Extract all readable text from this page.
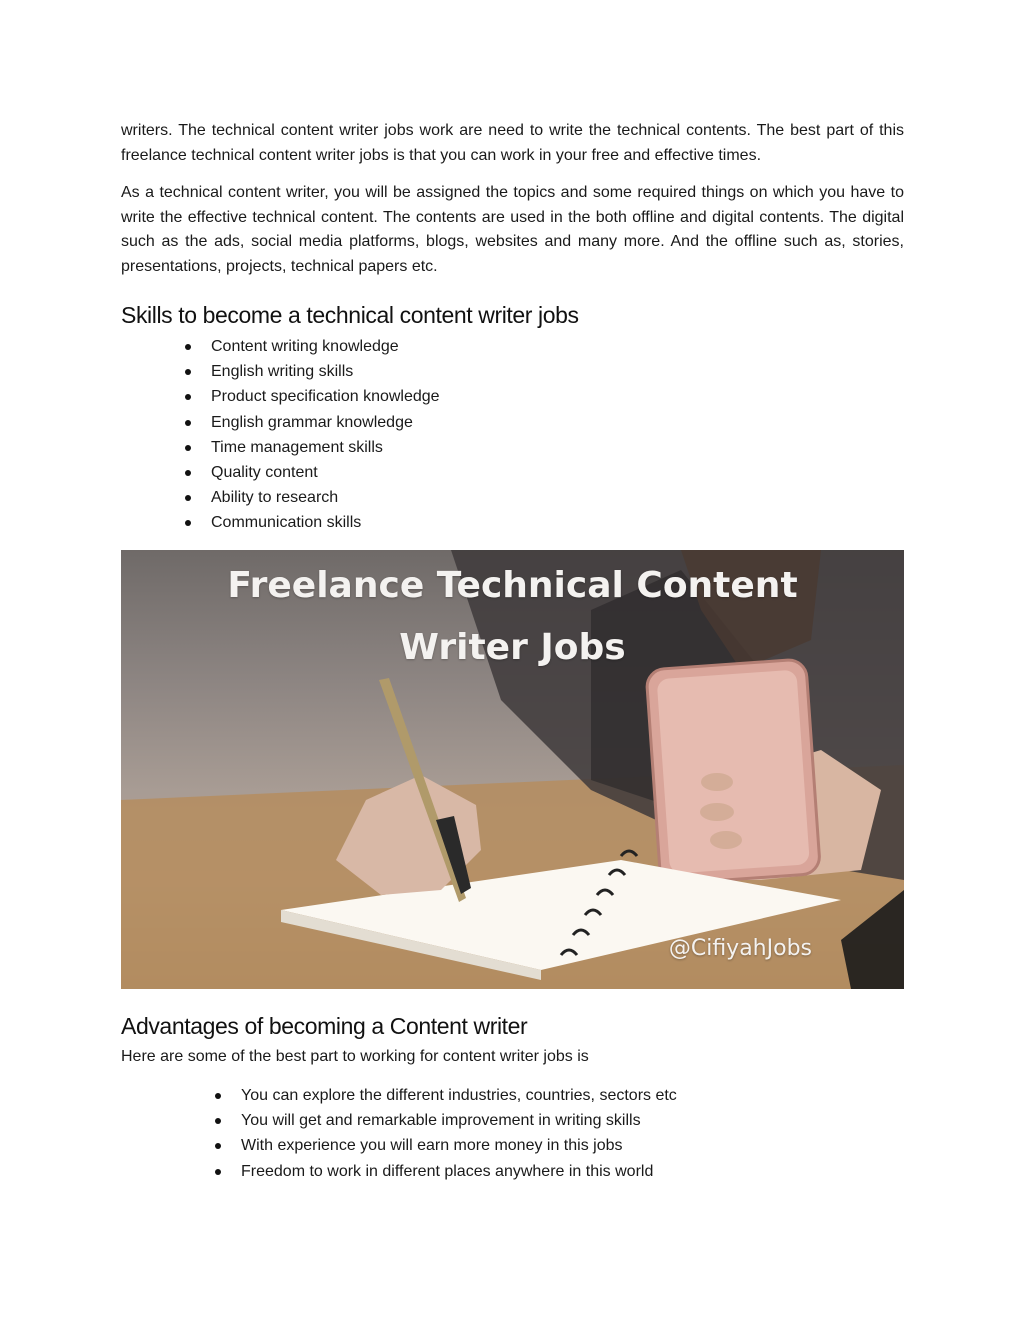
writers. The technical content writer jobs work are need to write the technical contents. The best part of this freelance technical content writer jobs is that you can work in your free and effective times.

As a technical content writer, you will be assigned the topics and some required things on which you have to write the effective technical content. The contents are used in the both offline and digital contents. The digital such as the ads, social media platforms, blogs, websites and many more. And the offline such as, stories, presentations, projects, technical papers etc.

Skills to become a technical content writer jobs
Content writing knowledge
English writing skills
Product specification knowledge
English grammar knowledge
Time management skills
Quality content
Ability to research
Communication skills
Freelance Technical Content
Writer Jobs
@CifiyahJobs
Advantages of becoming a Content writer

Here are some of the best part to working for content writer jobs is

You can explore the different industries, countries, sectors etc
You will get and remarkable improvement in writing skills
With experience you will earn more money in this jobs
Freedom to work in different places anywhere in this world
